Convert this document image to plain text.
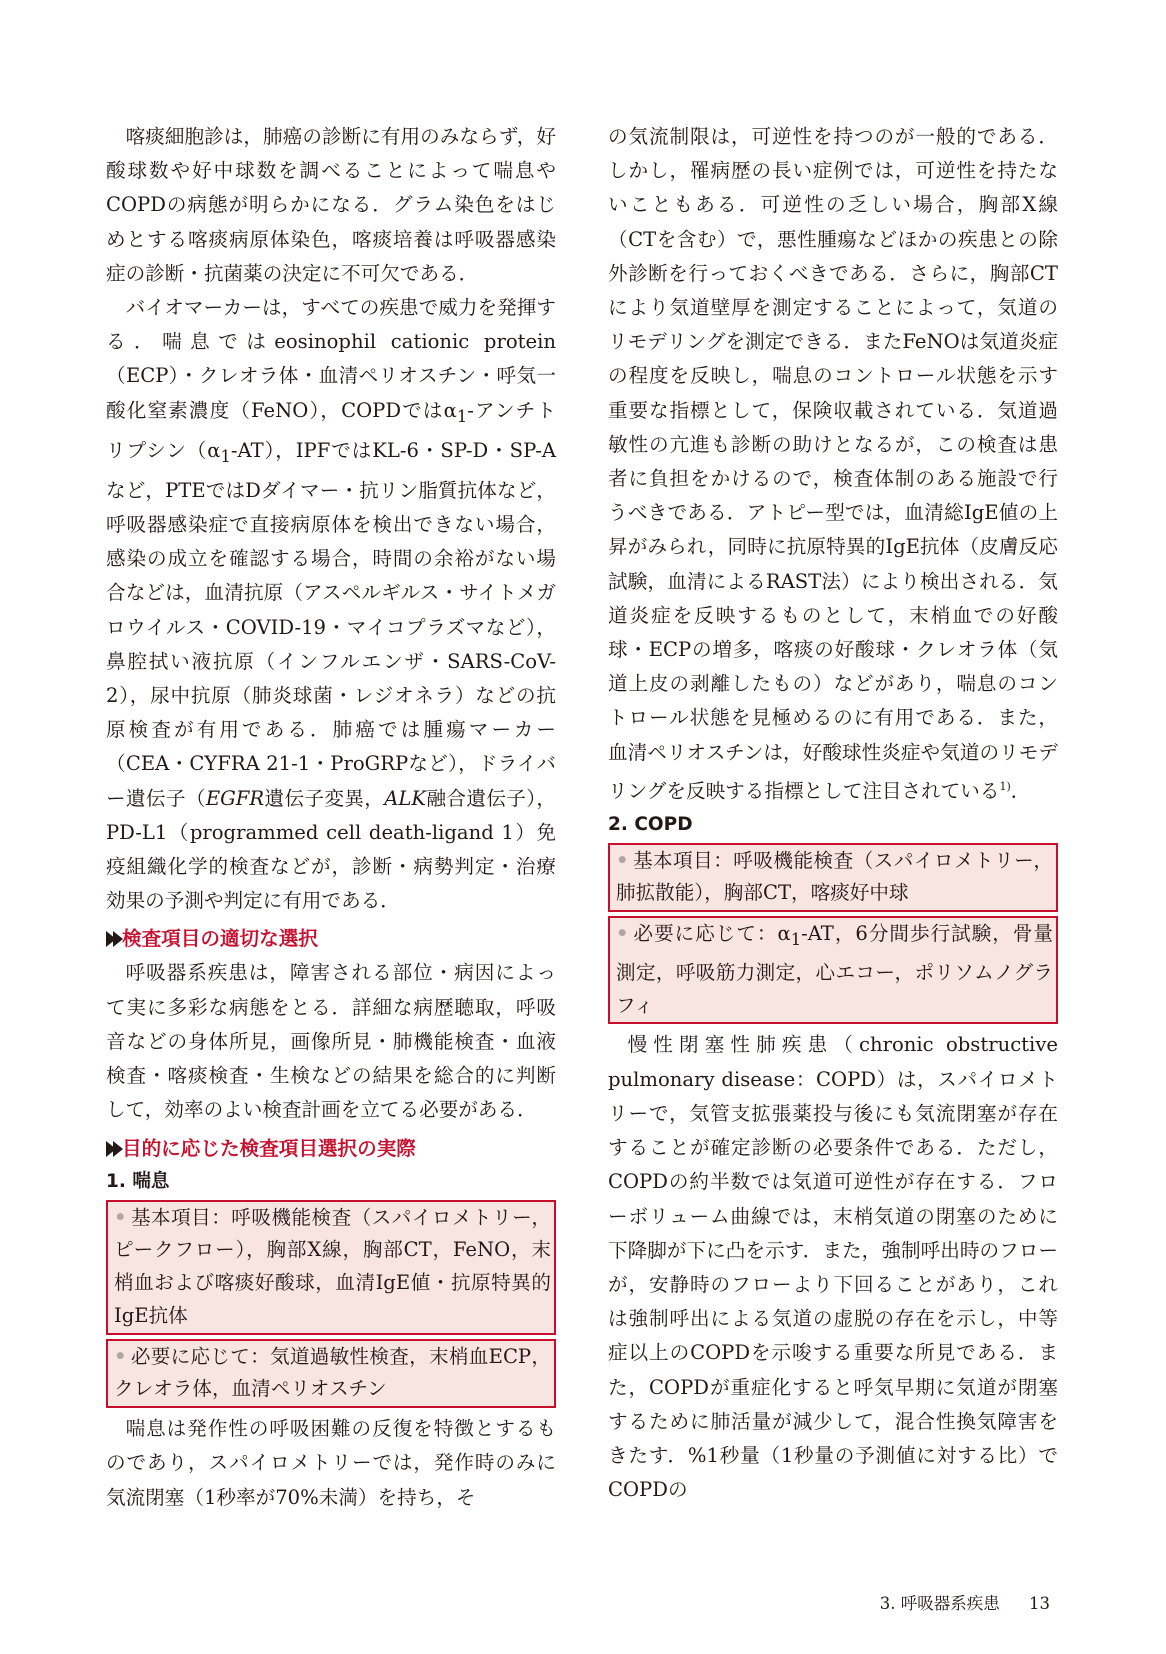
喀痰細胞診は，肺癌の診断に有用のみならず，好酸球数や好中球数を調べることによって喘息やCOPDの病態が明らかになる．グラム染色をはじめとする喀痰病原体染色，喀痰培養は呼吸器感染症の診断・抗菌薬の決定に不可欠である．

バイオマーカーは，すべての疾患で威力を発揮する．喘息ではeosinophil cationic protein（ECP）・クレオラ体・血清ペリオスチン・呼気一酸化窒素濃度（FeNO），COPDでは$\alpha_1-$アンチトリプシン$(\alpha_1-AT)$，IPFではKL-6・SP-D・SP-Aなど，PTEではDダイマー・抗リン脂質抗体など，呼吸器感染症で直接病原体を検出できない場合，感染の成立を確認する場合，時間の余裕がない場合などは，血清抗原（アスペルギルス・サイトメガロウイルス・COVID-19・マイコプラズマなど），鼻腔拭い液抗原（インフルエンザ・SARS-CoV-2），尿中抗原（肺炎球菌・レジオネラ）などの抗原検査が有用である．肺癌では腫瘍マーカー（CEA・CYFRA 21-1・ProGRPなど），ドライバー遺伝子（EGFR遺伝子変異，ALK融合遺伝子），PD-L1（programmed cell death-ligand 1）免疫組織化学的検査などが，診断・病勢判定・治療効果の予測や判定に有用である．

検査項目の適切な選択

呼吸器系疾患は，障害される部位・病因によって実に多彩な病態をとる．詳細な病歴聴取，呼吸音などの身体所見，画像所見・肺機能検査・血液検査・喀痰検査・生検などの結果を総合的に判断して，効率のよい検査計画を立てる必要がある．

目的に応じた検査項目選択の実際

1. 喘息

• 基本項目：呼吸機能検査（スパイロメトリー，ピークフロー），胸部X線，胸部CT，FeNO，末梢血および喀痰好酸球，血清IgE値・抗原特異的IgE抗体

• 必要に応じて：気道過敏性検査，末梢血ECP，クレオラ体，血清ペリオスチン

喘息は発作性の呼吸困難の反復を特徴とするものであり，スパイロメトリーでは，発作時のみに気流閉塞（1秒率が70%未満）を持ち，そ

の気流制限は，可逆性を持つのが一般的である．しかし，罹病歴の長い症例では，可逆性を持たないこともある．可逆性の乏しい場合，胸部X線（CTを含む）で，悪性腫瘍などほかの疾患との除外診断を行っておくべきである．さらに，胸部CTにより気道壁厚を測定することによって，気道のリモデリングを測定できる．またFeNOは気道炎症の程度を反映し，喘息のコントロール状態を示す重要な指標として，保険収載されている．気道過敏性の亢進も診断の助けとなるが，この検査は患者に負担をかけるので，検査体制のある施設で行うべきである．アトピー型では，血清総IgE値の上昇がみられ，同時に抗原特異的IgE抗体（皮膚反応試験，血清によるRAST法）により検出される．気道炎症を反映するものとして，末梢血での好酸球・ECPの増多，喀痰の好酸球・クレオラ体（気道上皮の剥離したもの）などがあり，喘息のコントロール状態を見極めるのに有用である．また，血清ペリオスチンは，好酸球性炎症や気道のリモデリングを反映する指標として注目されている$^{1)}$．

2. COPD

• 基本項目：呼吸機能検査（スパイロメトリー，肺拡散能），胸部CT，喀痰好中球

• 必要に応じて：$\alpha_1-AT$，6分間歩行試験，骨量測定，呼吸筋力測定，心エコー，ポリソムノグラフィ

慢性閉塞性肺疾患（chronic obstructive pulmonary disease：COPD）は，スパイロメトリーで，気管支拡張薬投与後にも気流閉塞が存在することが確定診断の必要条件である．ただし，COPDの約半数では気道可逆性が存在する．フローボリューム曲線では，末梢気道の閉塞のために下降脚が下に凸を示す．また，強制呼出時のフローが，安静時のフローより下回ることがあり，これは強制呼出による気道の虚脱の存在を示し，中等症以上のCOPDを示唆する重要な所見である．また，COPDが重症化すると呼気早期に気道が閉塞するために肺活量が減少して，混合性換気障害をきたす．%1秒量（1秒量の予測値に対する比）でCOPDの

3. 呼吸器系疾患 13
